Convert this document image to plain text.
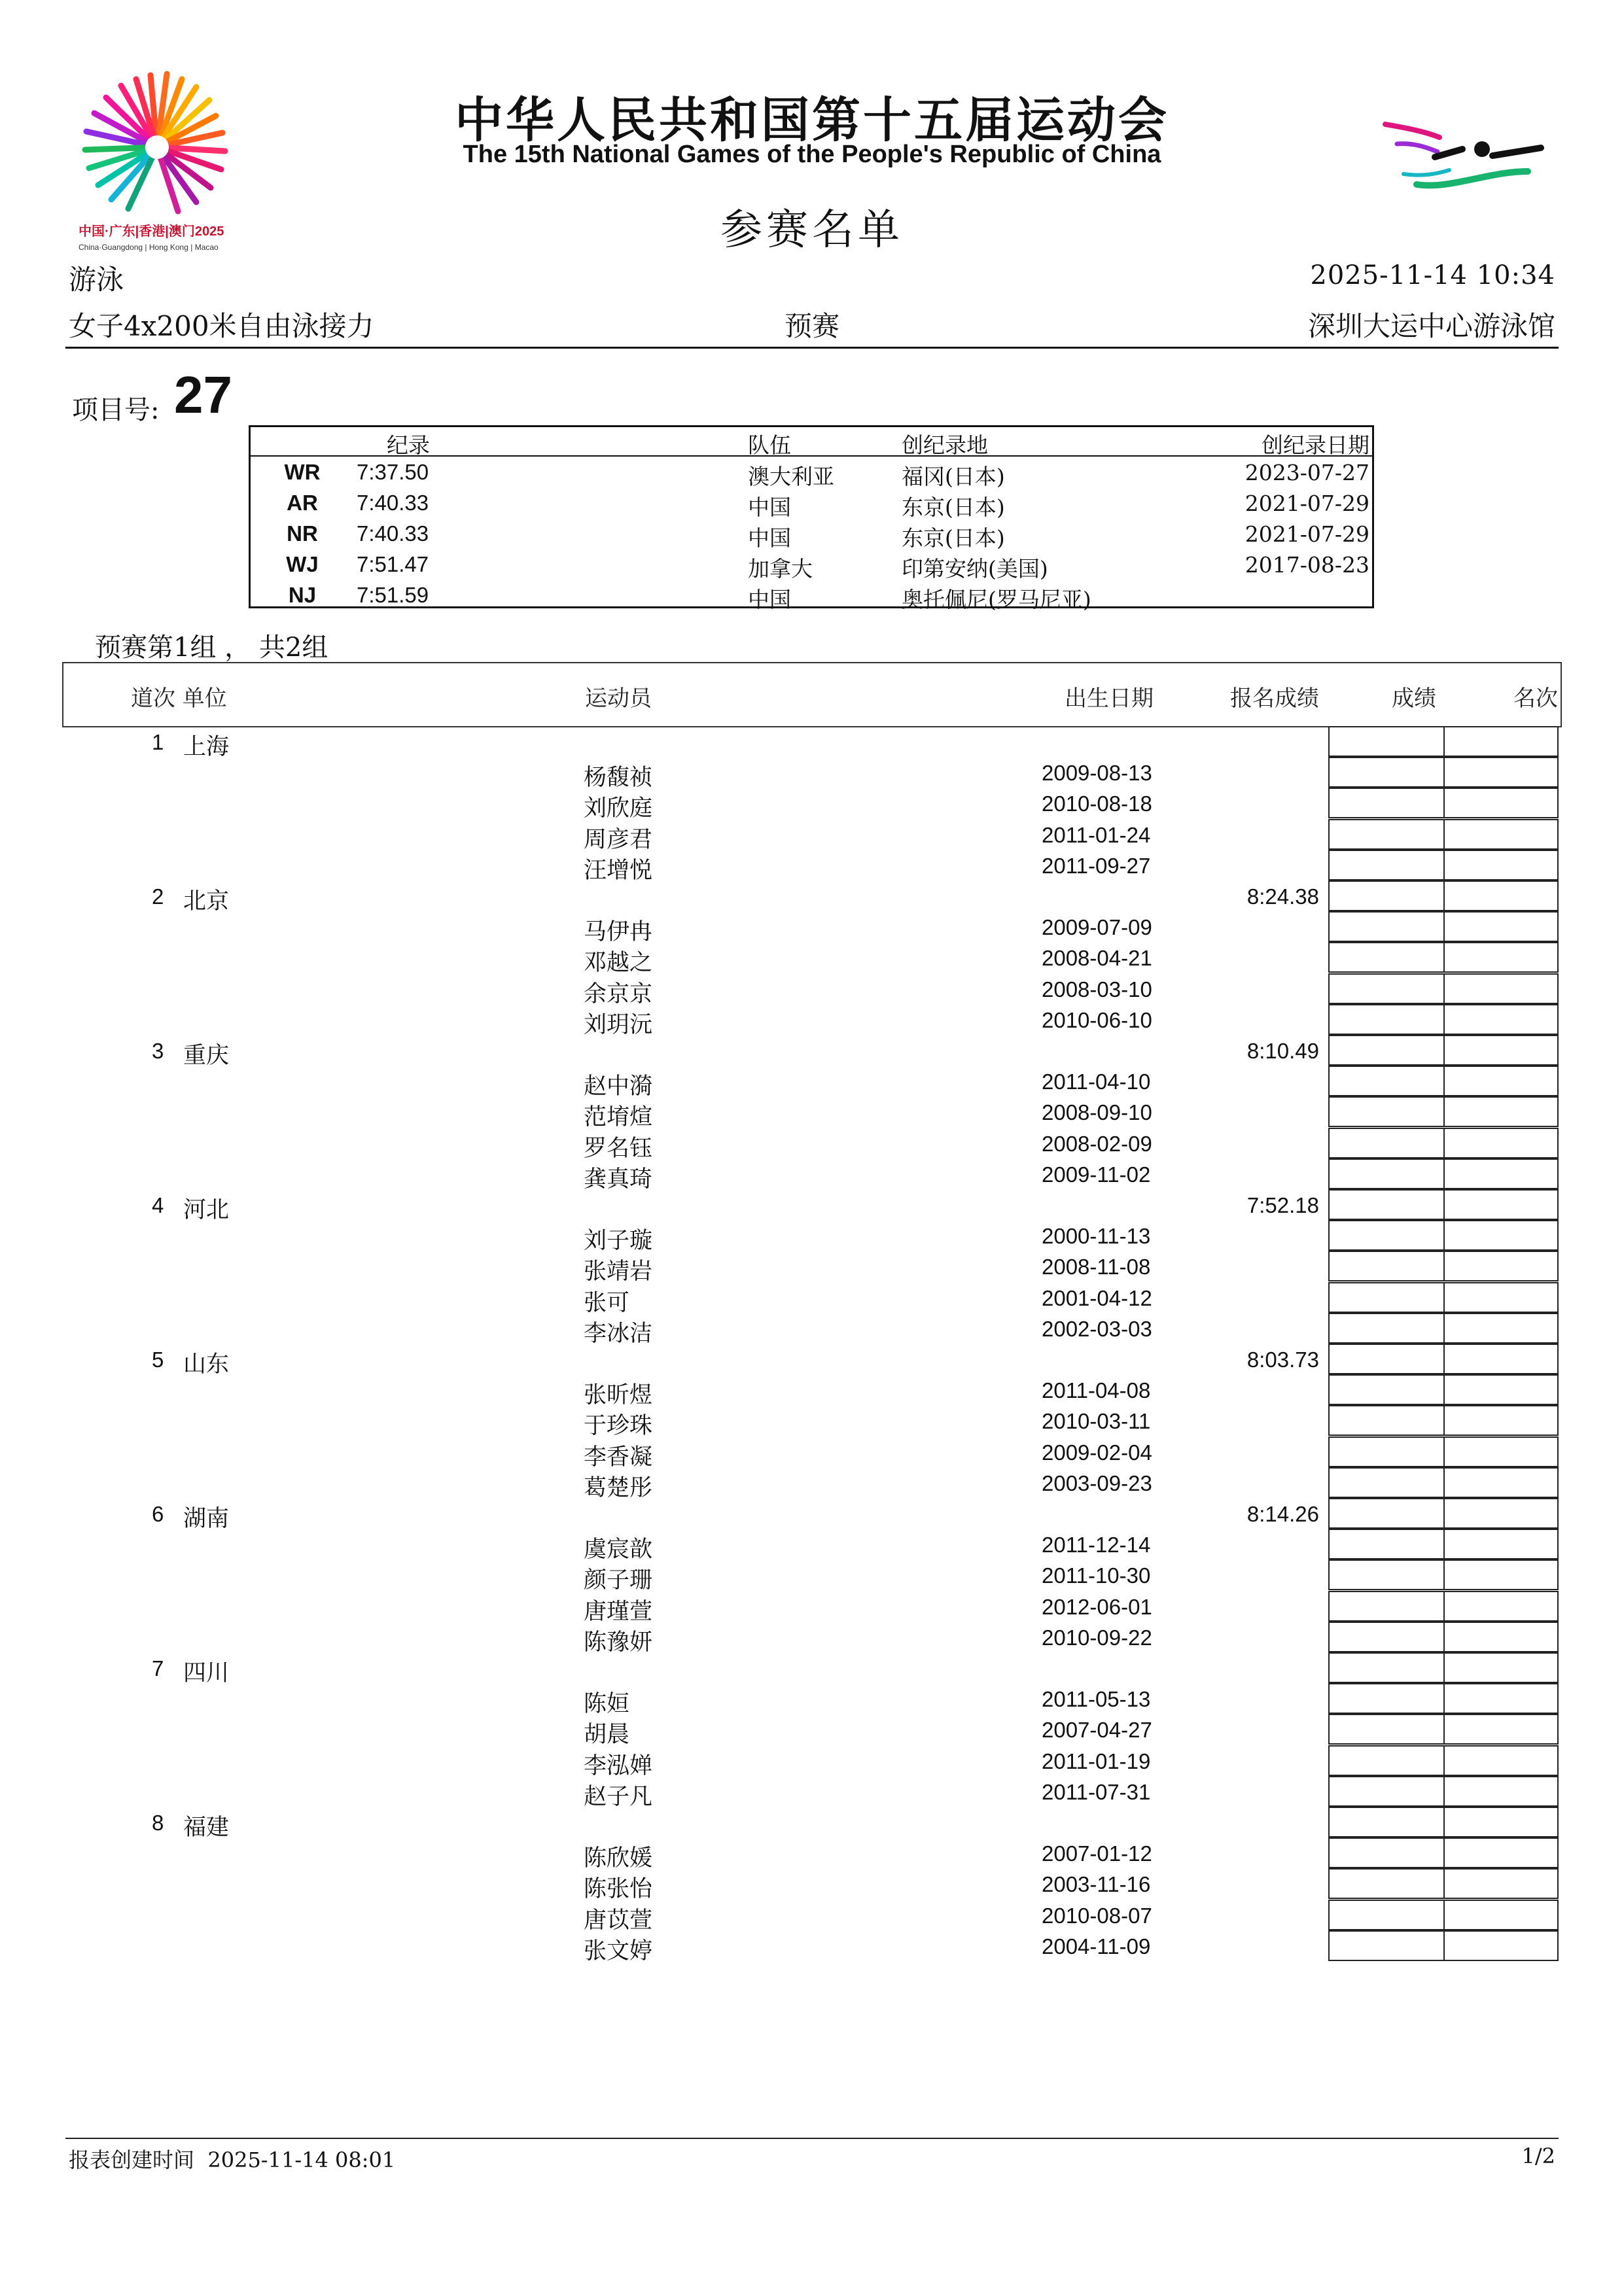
中国·广东|香港|澳门2025
China·Guangdong | Hong Kong | Macao
中华人民共和国第十五届运动会
The 15th National Games of the People's Republic of China
参赛名单
游泳	2025-11-14 10:34
女子4x200米自由泳接力	预赛	深圳大运中心游泳馆
项目号: 27
纪录	队伍	创纪录地	创纪录日期
WR	7:37.50	澳大利亚	福冈(日本)	2023-07-27
AR	7:40.33	中国	东京(日本)	2021-07-29
NR	7:40.33	中国	东京(日本)	2021-07-29
WJ	7:51.47	加拿大	印第安纳(美国)	2017-08-23
NJ	7:51.59	中国	奥托佩尼(罗马尼亚)
预赛第1组 ， 共2组
道次 单位	运动员	出生日期	报名成绩	成绩	名次
1 上海
杨馥祯	2009-08-13
刘欣庭	2010-08-18
周彦君	2011-01-24
汪增悦	2011-09-27
2 北京	8:24.38
马伊冉	2009-07-09
邓越之	2008-04-21
余京京	2008-03-10
刘玥沅	2010-06-10
3 重庆	8:10.49
赵中漪	2011-04-10
范堉煊	2008-09-10
罗名钰	2008-02-09
龚真琦	2009-11-02
4 河北	7:52.18
刘子璇	2000-11-13
张靖岩	2008-11-08
张可	2001-04-12
李冰洁	2002-03-03
5 山东	8:03.73
张昕煜	2011-04-08
于珍珠	2010-03-11
李香凝	2009-02-04
葛楚彤	2003-09-23
6 湖南	8:14.26
虞宸歆	2011-12-14
颜子珊	2011-10-30
唐瑾萱	2012-06-01
陈豫妍	2010-09-22
7 四川
陈姮	2011-05-13
胡晨	2007-04-27
李泓婵	2011-01-19
赵子凡	2011-07-31
8 福建
陈欣媛	2007-01-12
陈张怡	2003-11-16
唐苡萱	2010-08-07
张文婷	2004-11-09
报表创建时间 2025-11-14 08:01	1/2
